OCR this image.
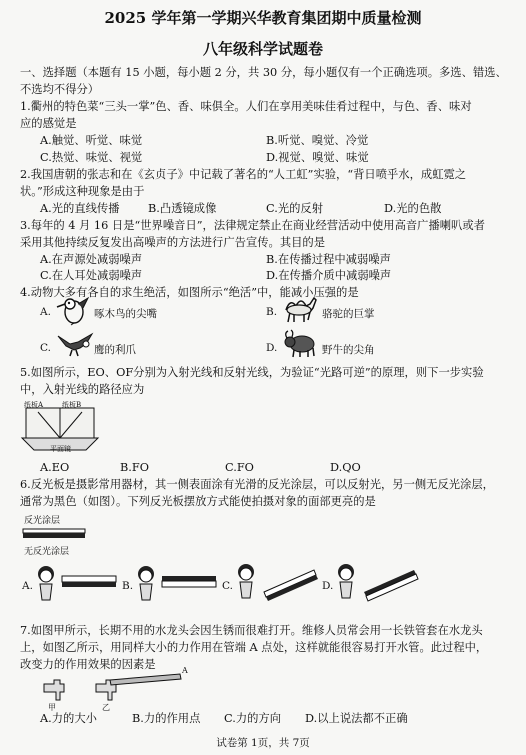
2025 学年第一学期兴华教育集团期中质量检测
八年级科学试题卷
一、选择题（本题有 15 小题，每小题 2 分，共 30 分，每小题仅有一个正确选项。多选、错选、
不选均不得分）
1.衢州的特色菜“三头一掌”色、香、味俱全。人们在享用美味佳肴过程中，与色、香、味对
应的感觉是
A.触觉、听觉、味觉	B.听觉、嗅觉、冷觉
C.热觉、味觉、视觉	D.视觉、嗅觉、味觉
2.我国唐朝的张志和在《玄贞子》中记载了著名的“人工虹”实验，“背日喷乎水，成虹霓之
状。”形成这种现象是由于
A.光的直线传播	B.凸透镜成像	C.光的反射	D.光的色散
3.每年的 4 月 16 日是“世界噪音日”，法律规定禁止在商业经营活动中使用高音广播喇叭或者
采用其他持续反复发出高噪声的方法进行广告宣传。其目的是
A.在声源处减弱噪声	B.在传播过程中减弱噪声
C.在人耳处减弱噪声	D.在传播介质中减弱噪声
4.动物大多有各自的求生绝活，如图所示“绝活”中，能减小压强的是
A.	啄木鸟的尖嘴	B.	骆驼的巨掌
C.	鹰的利爪	D.	野牛的尖角
5.如图所示，EO、OF分别为入射光线和反射光线，为验证“光路可逆”的原理，则下一步实验
中，入射光线的路径应为
纸板A	纸板B
平面镜
A.EO	B.FO	C.FO	D.QO
6.反光板是摄影常用器材，其一侧表面涂有光滑的反光涂层，可以反射光，另一侧无反光涂层，
通常为黑色（如图）。下列反光板摆放方式能使拍摄对象的面部更亮的是
反光涂层
无反光涂层
A.	B.	C.	D.
7.如图甲所示，长期不用的水龙头会因生锈而很难打开。维修人员常会用一长铁管套在水龙头
上，如图乙所示，用同样大小的力作用在管端 A 点处，这样就能很容易打开水管。此过程中，
改变力的作用效果的因素是
甲	乙
A
A.力的大小	B.力的作用点 C.力的方向 D.以上说法都不正确
试卷第 1页，共 7页
